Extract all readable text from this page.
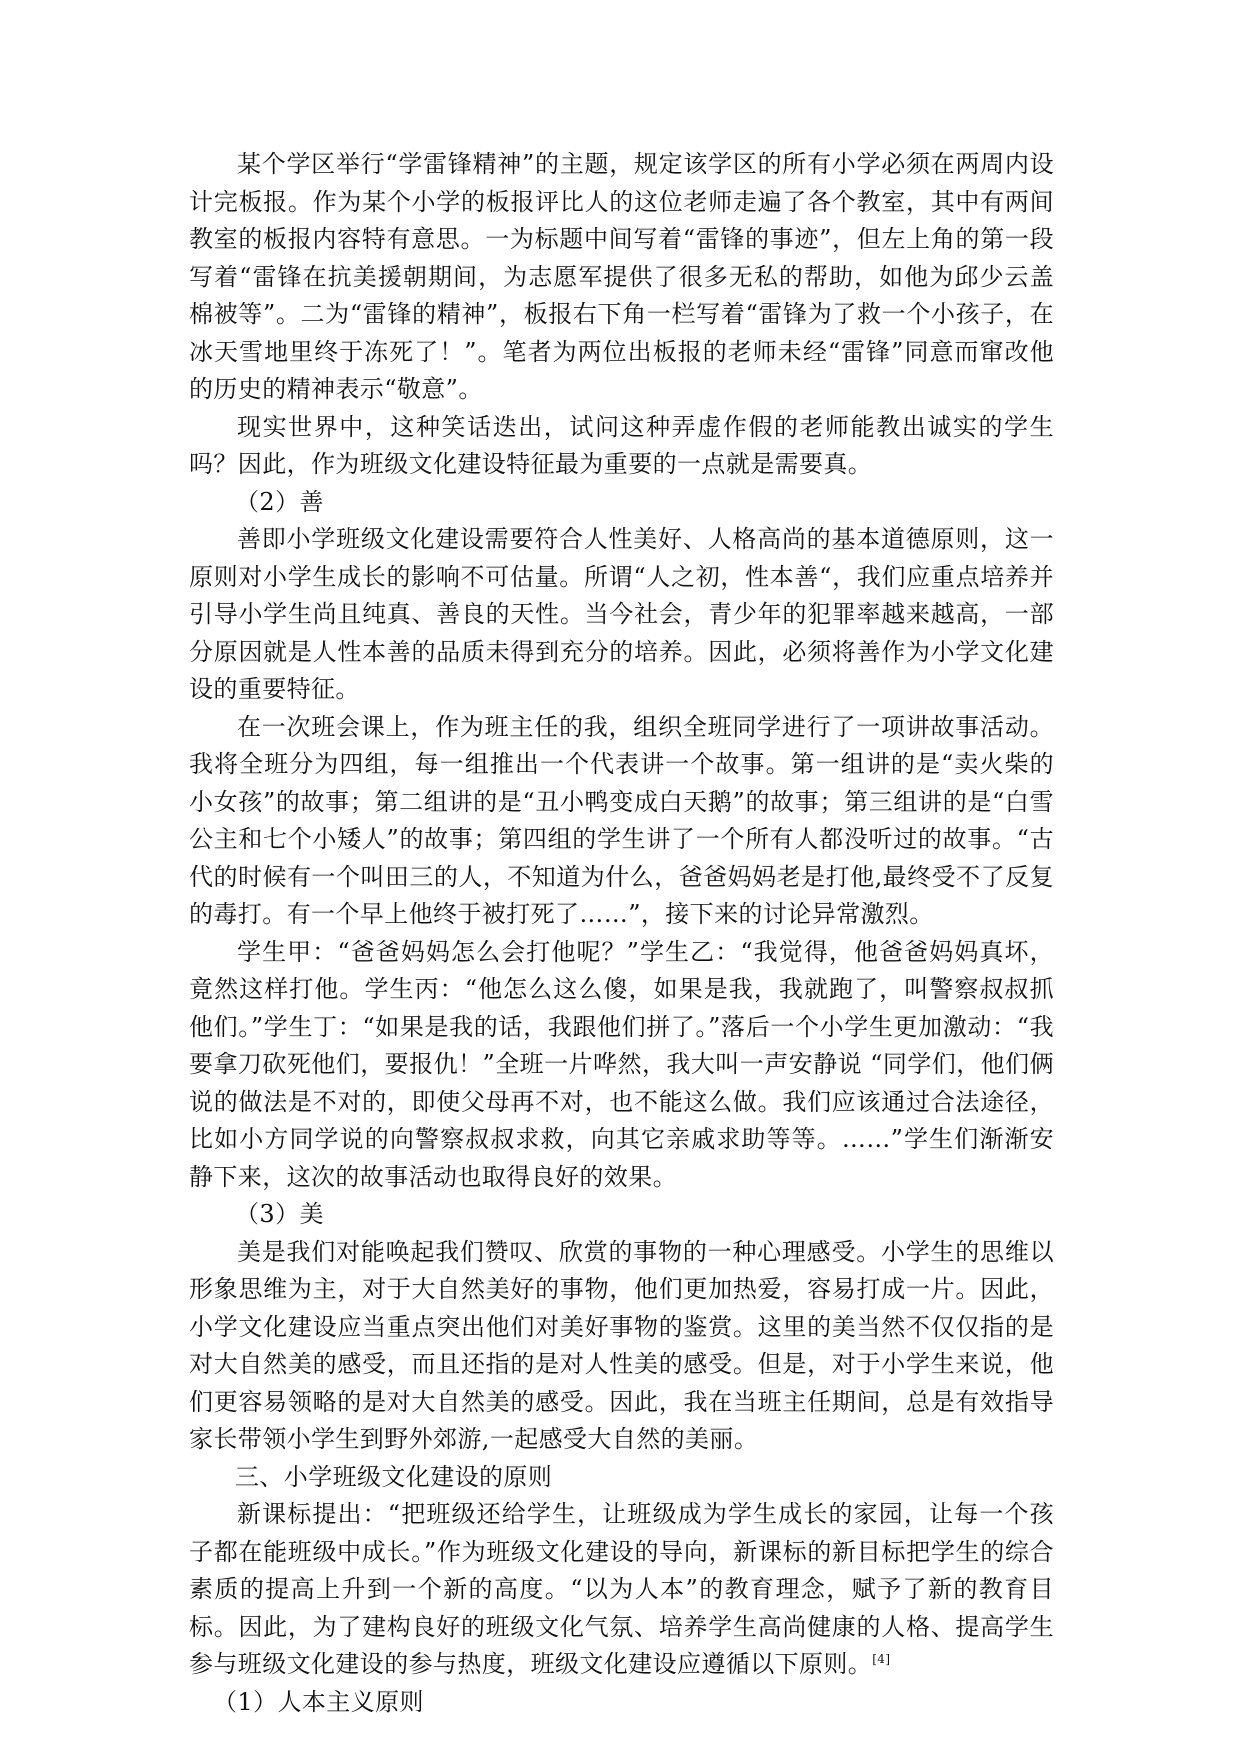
某个学区举行“学雷锋精神”的主题，规定该学区的所有小学必须在两周内设计完板报。作为某个小学的板报评比人的这位老师走遍了各个教室，其中有两间教室的板报内容特有意思。一为标题中间写着“雷锋的事迹”，但左上角的第一段写着“雷锋在抗美援朝期间，为志愿军提供了很多无私的帮助，如他为邱少云盖棉被等”。二为“雷锋的精神”，板报右下角一栏写着“雷锋为了救一个小孩子，在冰天雪地里终于冻死了！”。笔者为两位出板报的老师未经“雷锋”同意而窜改他的历史的精神表示“敬意”。

现实世界中，这种笑话迭出，试问这种弄虚作假的老师能教出诚实的学生吗？因此，作为班级文化建设特征最为重要的一点就是需要真。

（2）善

善即小学班级文化建设需要符合人性美好、人格高尚的基本道德原则，这一原则对小学生成长的影响不可估量。所谓“人之初，性本善“，我们应重点培养并引导小学生尚且纯真、善良的天性。当今社会，青少年的犯罪率越来越高，一部分原因就是人性本善的品质未得到充分的培养。因此，必须将善作为小学文化建设的重要特征。

在一次班会课上，作为班主任的我，组织全班同学进行了一项讲故事活动。我将全班分为四组，每一组推出一个代表讲一个故事。第一组讲的是“卖火柴的小女孩”的故事；第二组讲的是“丑小鸭变成白天鹅”的故事；第三组讲的是“白雪公主和七个小矮人”的故事；第四组的学生讲了一个所有人都没听过的故事。“古代的时候有一个叫田三的人，不知道为什么，爸爸妈妈老是打他,最终受不了反复的毒打。有一个早上他终于被打死了……”，接下来的讨论异常激烈。

学生甲：“爸爸妈妈怎么会打他呢？”学生乙：“我觉得，他爸爸妈妈真坏，竟然这样打他。学生丙：“他怎么这么傻，如果是我，我就跑了，叫警察叔叔抓他们。”学生丁：“如果是我的话，我跟他们拼了。”落后一个小学生更加激动：“我要拿刀砍死他们，要报仇！”全班一片哗然，我大叫一声安静说 “同学们，他们俩说的做法是不对的，即使父母再不对，也不能这么做。我们应该通过合法途径，比如小方同学说的向警察叔叔求救，向其它亲戚求助等等。……”学生们渐渐安静下来，这次的故事活动也取得良好的效果。

（3）美

美是我们对能唤起我们赞叹、欣赏的事物的一种心理感受。小学生的思维以形象思维为主，对于大自然美好的事物，他们更加热爱，容易打成一片。因此，小学文化建设应当重点突出他们对美好事物的鉴赏。这里的美当然不仅仅指的是对大自然美的感受，而且还指的是对人性美的感受。但是，对于小学生来说，他们更容易领略的是对大自然美的感受。因此，我在当班主任期间，总是有效指导家长带领小学生到野外郊游,一起感受大自然的美丽。

三、小学班级文化建设的原则

新课标提出：“把班级还给学生，让班级成为学生成长的家园，让每一个孩子都在能班级中成长。”作为班级文化建设的导向，新课标的新目标把学生的综合素质的提高上升到一个新的高度。“以为人本”的教育理念，赋予了新的教育目标。因此，为了建构良好的班级文化气氛、培养学生高尚健康的人格、提高学生参与班级文化建设的参与热度，班级文化建设应遵循以下原则。[4]

（1）人本主义原则
